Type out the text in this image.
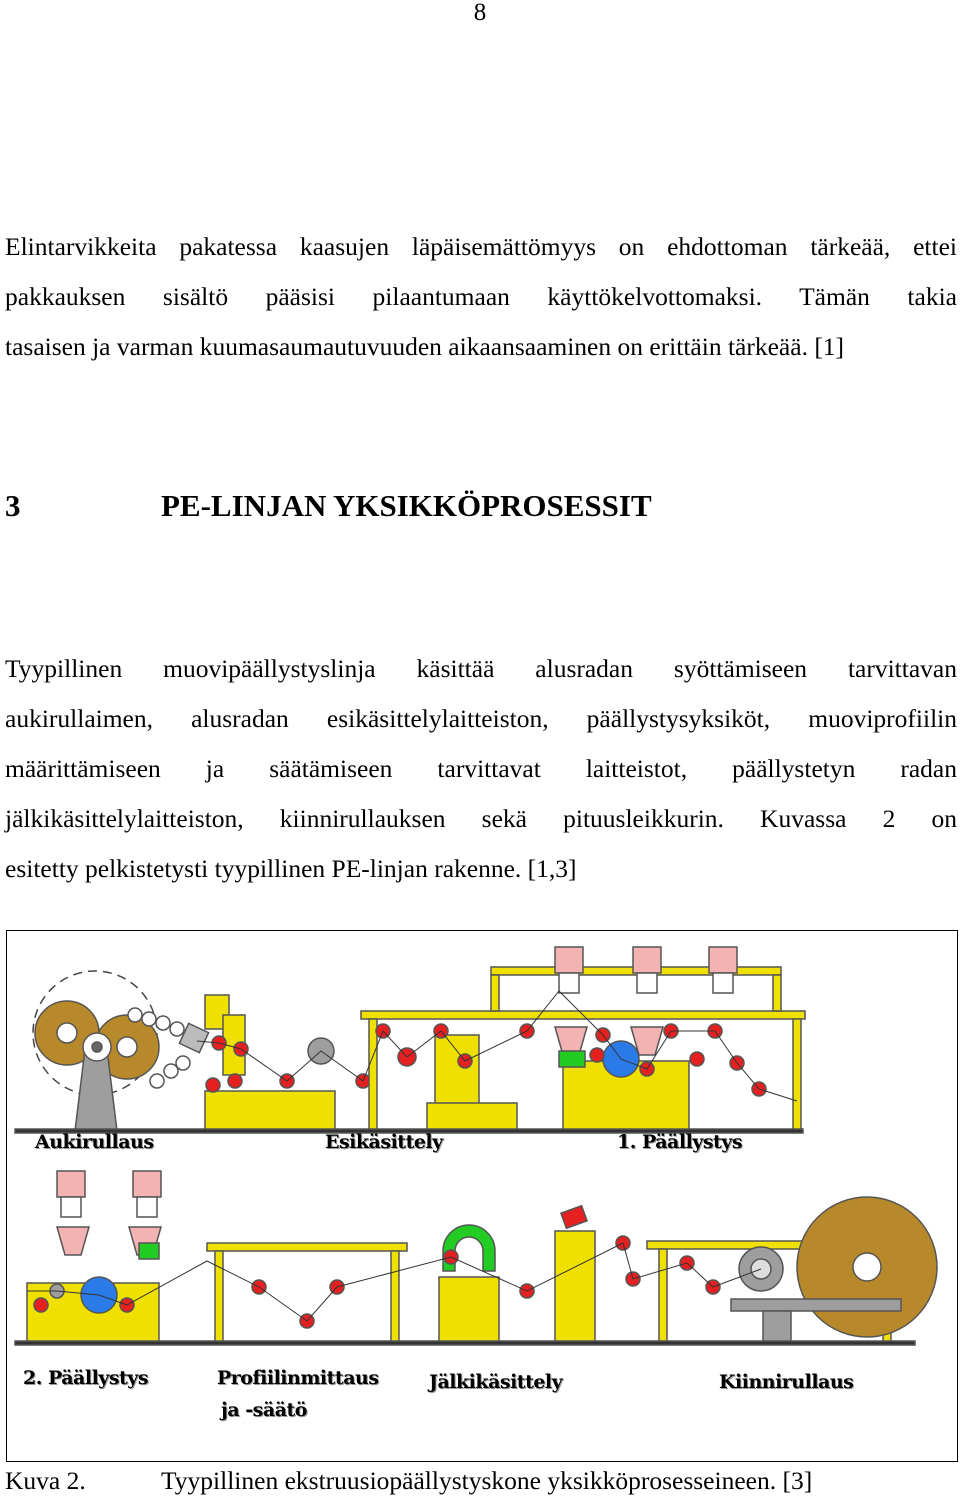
8

Elintarvikkeita pakatessa kaasujen läpäisemättömyys on ehdottoman tärkeää, ettei
pakkauksen sisältö pääsisi pilaantumaan käyttökelvottomaksi. Tämän takia
tasaisen ja varman kuumasaumautuvuuden aikaansaaminen on erittäin tärkeää. [1]

3	PE-LINJAN YKSIKKÖPROSESSIT

Tyypillinen muovipäällystyslinja käsittää alusradan syöttämiseen tarvittavan
aukirullaimen, alusradan esikäsittelylaitteiston, päällystysyksiköt, muoviprofiilin
määrittämiseen ja säätämiseen tarvittavat laitteistot, päällystetyn radan
jälkikäsittelylaitteiston, kiinnirullauksen sekä pituusleikkurin. Kuvassa 2 on
esitetty pelkistetysti tyypillinen PE-linjan rakenne. [1,3]

Aukirullaus	Esikäsittely	1. Päällystys
2. Päällystys	Profiilinmittaus
ja -säätö
Jälkikäsittely	Kiinnirullaus
Kuva 2.	Tyypillinen ekstruusiopäällystyskone yksikköprosesseineen. [3]
